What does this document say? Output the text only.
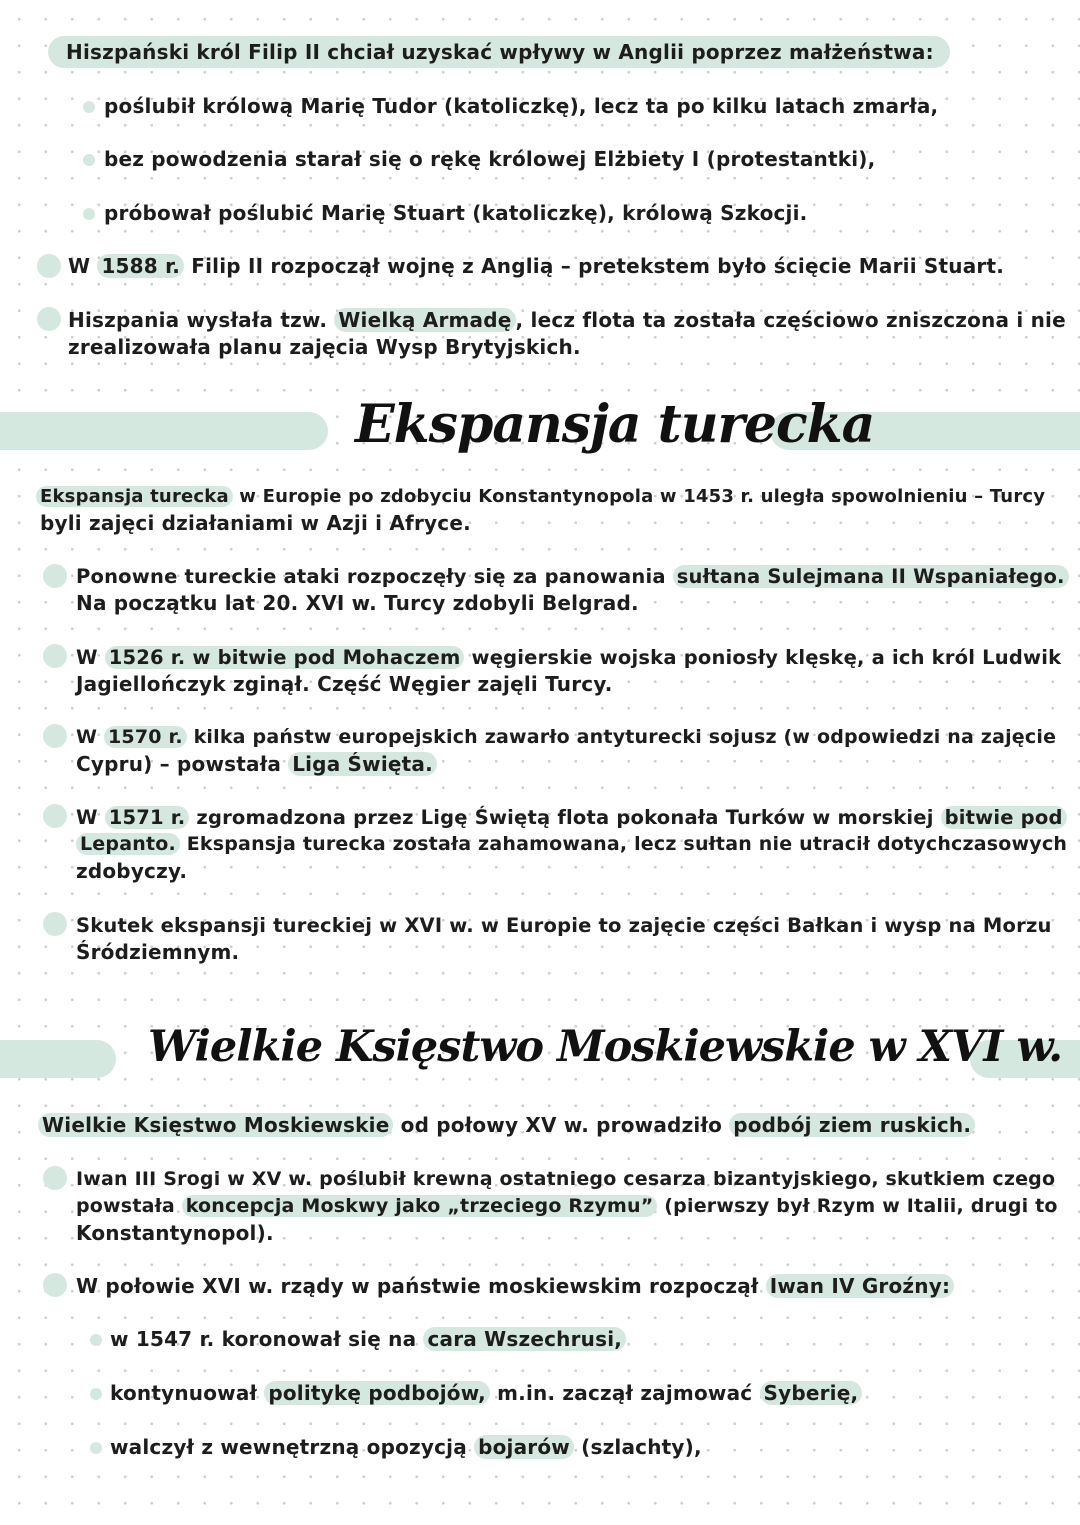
Hiszpański król Filip II chciał uzyskać wpływy w Anglii poprzez małżeństwa:
poślubił królową Marię Tudor (katoliczkę), lecz ta po kilku latach zmarła,
bez powodzenia starał się o rękę królowej Elżbiety I (protestantki),
próbował poślubić Marię Stuart (katoliczkę), królową Szkocji.
W 1588 r. Filip II rozpoczął wojnę z Anglią – pretekstem było ścięcie Marii Stuart.
Hiszpania wysłała tzw. Wielką Armadę , lecz flota ta została częściowo zniszczona i nie
zrealizowała planu zajęcia Wysp Brytyjskich.
Ekspansja turecka
Ekspansja turecka w Europie po zdobyciu Konstantynopola w 1453 r. uległa spowolnieniu – Turcy
byli zajęci działaniami w Azji i Afryce.
Ponowne tureckie ataki rozpoczęły się za panowania sułtana Sulejmana II Wspaniałego.
Na początku lat 20. XVI w. Turcy zdobyli Belgrad.
W 1526 r. w bitwie pod Mohaczem węgierskie wojska poniosły klęskę, a ich król Ludwik
Jagiellończyk zginął. Część Węgier zajęli Turcy.
W 1570 r. kilka państw europejskich zawarło antyturecki sojusz (w odpowiedzi na zajęcie
Cypru) – powstała Liga Święta.
W 1571 r. zgromadzona przez Ligę Świętą flota pokonała Turków w morskiej bitwie pod
Lepanto. Ekspansja turecka została zahamowana, lecz sułtan nie utracił dotychczasowych
zdobyczy.
Skutek ekspansji tureckiej w XVI w. w Europie to zajęcie części Bałkan i wysp na Morzu
Śródziemnym.
Wielkie Księstwo Moskiewskie w XVI w.
Wielkie Księstwo Moskiewskie od połowy XV w. prowadziło podbój ziem ruskich.
Iwan III Srogi w XV w. poślubił krewną ostatniego cesarza bizantyjskiego, skutkiem czego
powstała koncepcja Moskwy jako „trzeciego Rzymu” (pierwszy był Rzym w Italii, drugi to
Konstantynopol).
W połowie XVI w. rządy w państwie moskiewskim rozpoczął Iwan IV Groźny:
w 1547 r. koronował się na cara Wszechrusi,
kontynuował politykę podbojów, m.in. zaczął zajmować Syberię,
walczył z wewnętrzną opozycją bojarów (szlachty),
